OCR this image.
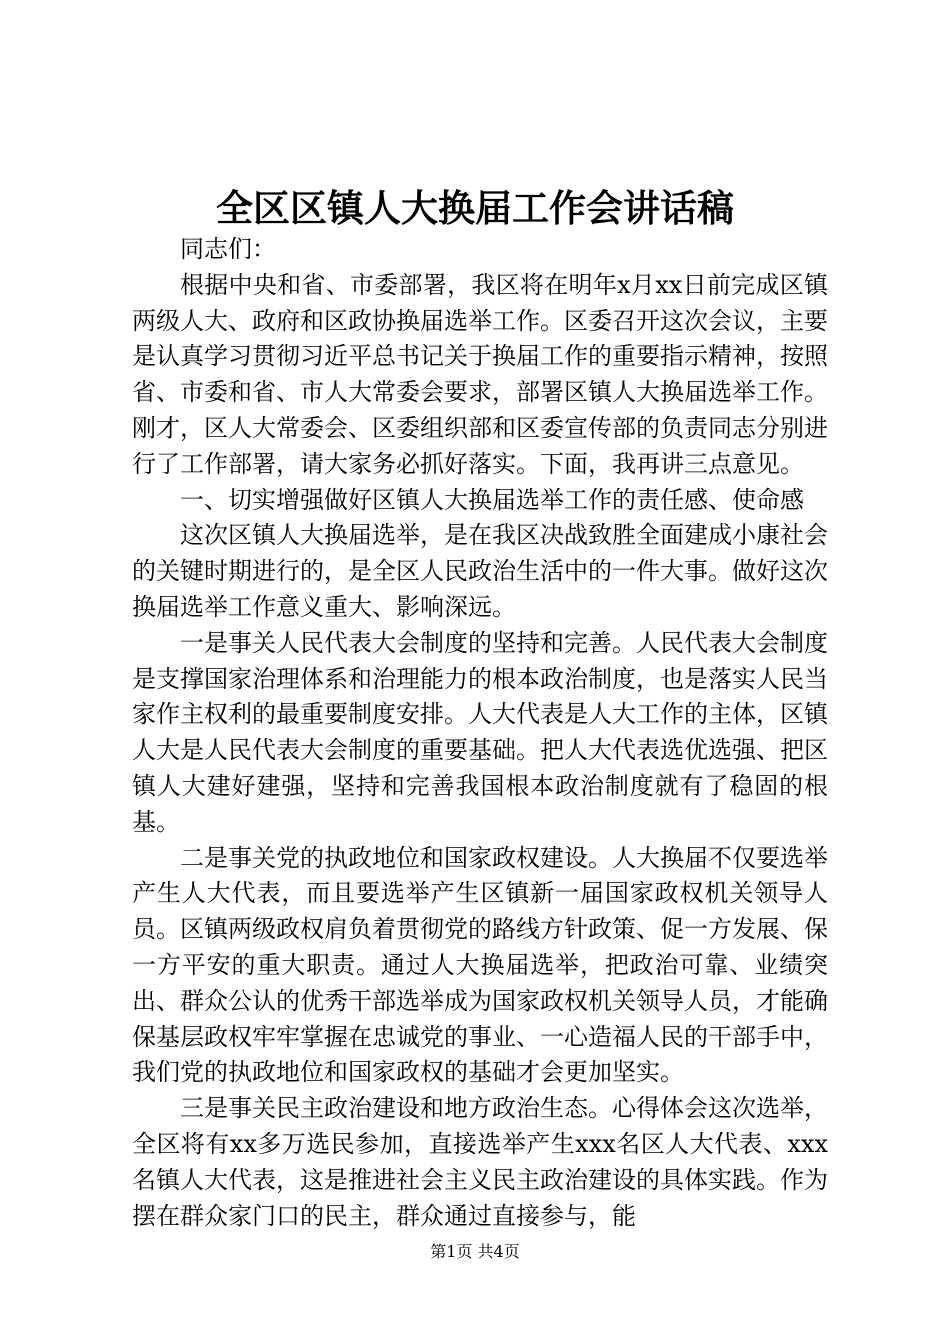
全区区镇人大换届工作会讲话稿

同志们：

根据中央和省、市委部署，我区将在明年x月xx日前完成区镇两级人大、政府和区政协换届选举工作。区委召开这次会议，主要是认真学习贯彻习近平总书记关于换届工作的重要指示精神，按照省、市委和省、市人大常委会要求，部署区镇人大换届选举工作。刚才，区人大常委会、区委组织部和区委宣传部的负责同志分别进行了工作部署，请大家务必抓好落实。下面，我再讲三点意见。

一、切实增强做好区镇人大换届选举工作的责任感、使命感

这次区镇人大换届选举，是在我区决战致胜全面建成小康社会的关键时期进行的，是全区人民政治生活中的一件大事。做好这次换届选举工作意义重大、影响深远。

一是事关人民代表大会制度的坚持和完善。人民代表大会制度是支撑国家治理体系和治理能力的根本政治制度，也是落实人民当家作主权利的最重要制度安排。人大代表是人大工作的主体，区镇人大是人民代表大会制度的重要基础。把人大代表选优选强、把区镇人大建好建强，坚持和完善我国根本政治制度就有了稳固的根基。

二是事关党的执政地位和国家政权建设。人大换届不仅要选举产生人大代表，而且要选举产生区镇新一届国家政权机关领导人员。区镇两级政权肩负着贯彻党的路线方针政策、促一方发展、保一方平安的重大职责。通过人大换届选举，把政治可靠、业绩突出、群众公认的优秀干部选举成为国家政权机关领导人员，才能确保基层政权牢牢掌握在忠诚党的事业、一心造福人民的干部手中，我们党的执政地位和国家政权的基础才会更加坚实。

三是事关民主政治建设和地方政治生态。心得体会这次选举，全区将有xx多万选民参加，直接选举产生xxx名区人大代表、xxx名镇人大代表，这是推进社会主义民主政治建设的具体实践。作为摆在群众家门口的民主，群众通过直接参与，能

第1页 共4页
